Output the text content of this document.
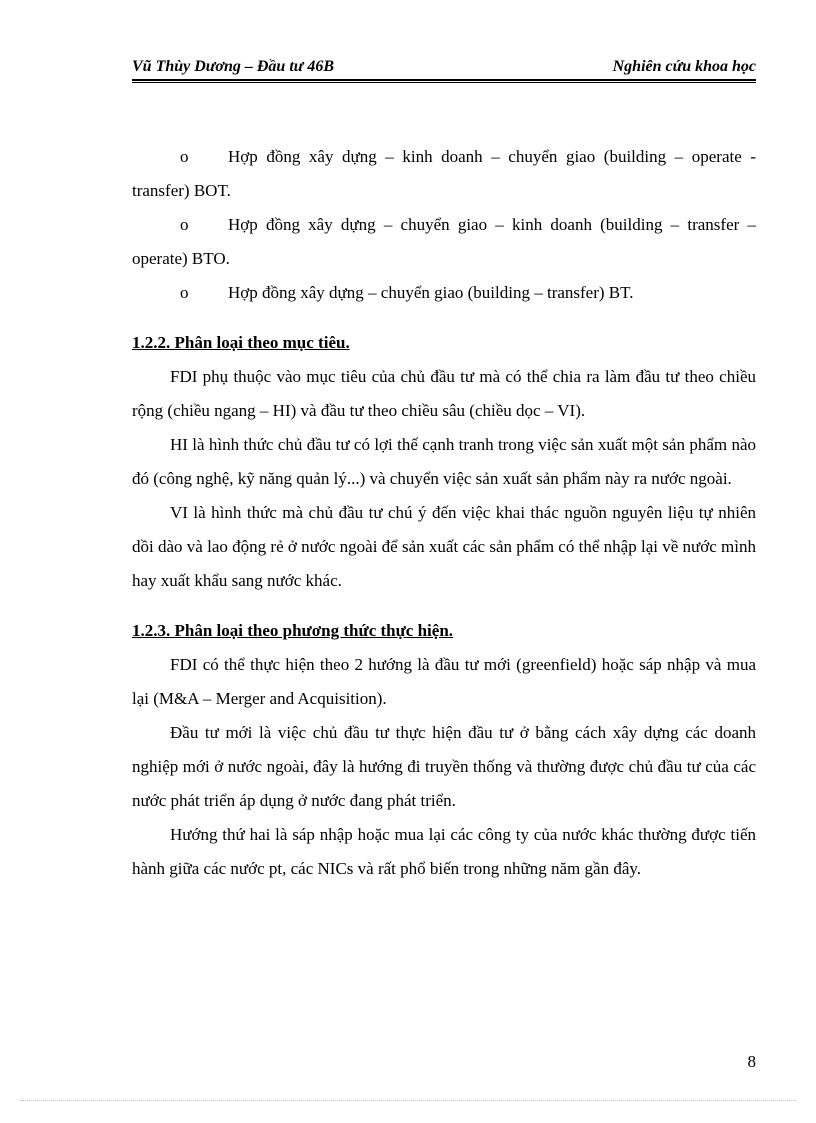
Vũ Thùy Dương – Đầu tư 46B	Nghiên cứu khoa học

o Hợp đồng xây dựng – kinh doanh – chuyển giao (building – operate - transfer) BOT.

o Hợp đồng xây dựng – chuyển giao – kinh doanh (building – transfer – operate) BTO.

o Hợp đồng xây dựng – chuyển giao (building – transfer) BT.

1.2.2. Phân loại theo mục tiêu.

FDI phụ thuộc vào mục tiêu của chủ đầu tư mà có thể chia ra làm đầu tư theo chiều rộng (chiều ngang – HI) và đầu tư theo chiều sâu (chiều dọc – VI).

HI là hình thức chủ đầu tư có lợi thế cạnh tranh trong việc sản xuất một sản phẩm nào đó (công nghệ, kỹ năng quản lý...) và chuyển việc sản xuất sản phẩm này ra nước ngoài.

VI là hình thức mà chủ đầu tư chú ý đến việc khai thác nguồn nguyên liệu tự nhiên dồi dào và lao động rẻ ở nước ngoài để sản xuất các sản phẩm có thể nhập lại về nước mình hay xuất khẩu sang nước khác.

1.2.3. Phân loại theo phương thức thực hiện.

FDI có thể thực hiện theo 2 hướng là đầu tư mới (greenfield) hoặc sáp nhập và mua lại (M&A – Merger and Acquisition).

Đầu tư mới là việc chủ đầu tư thực hiện đầu tư ở bằng cách xây dựng các doanh nghiệp mới ở nước ngoài, đây là hướng đi truyền thống và thường được chủ đầu tư của các nước phát triển áp dụng ở nước đang phát triển.

Hướng thứ hai là sáp nhập hoặc mua lại các công ty của nước khác thường được tiến hành giữa các nước pt, các NICs và rất phổ biến trong những năm gần đây.

8
